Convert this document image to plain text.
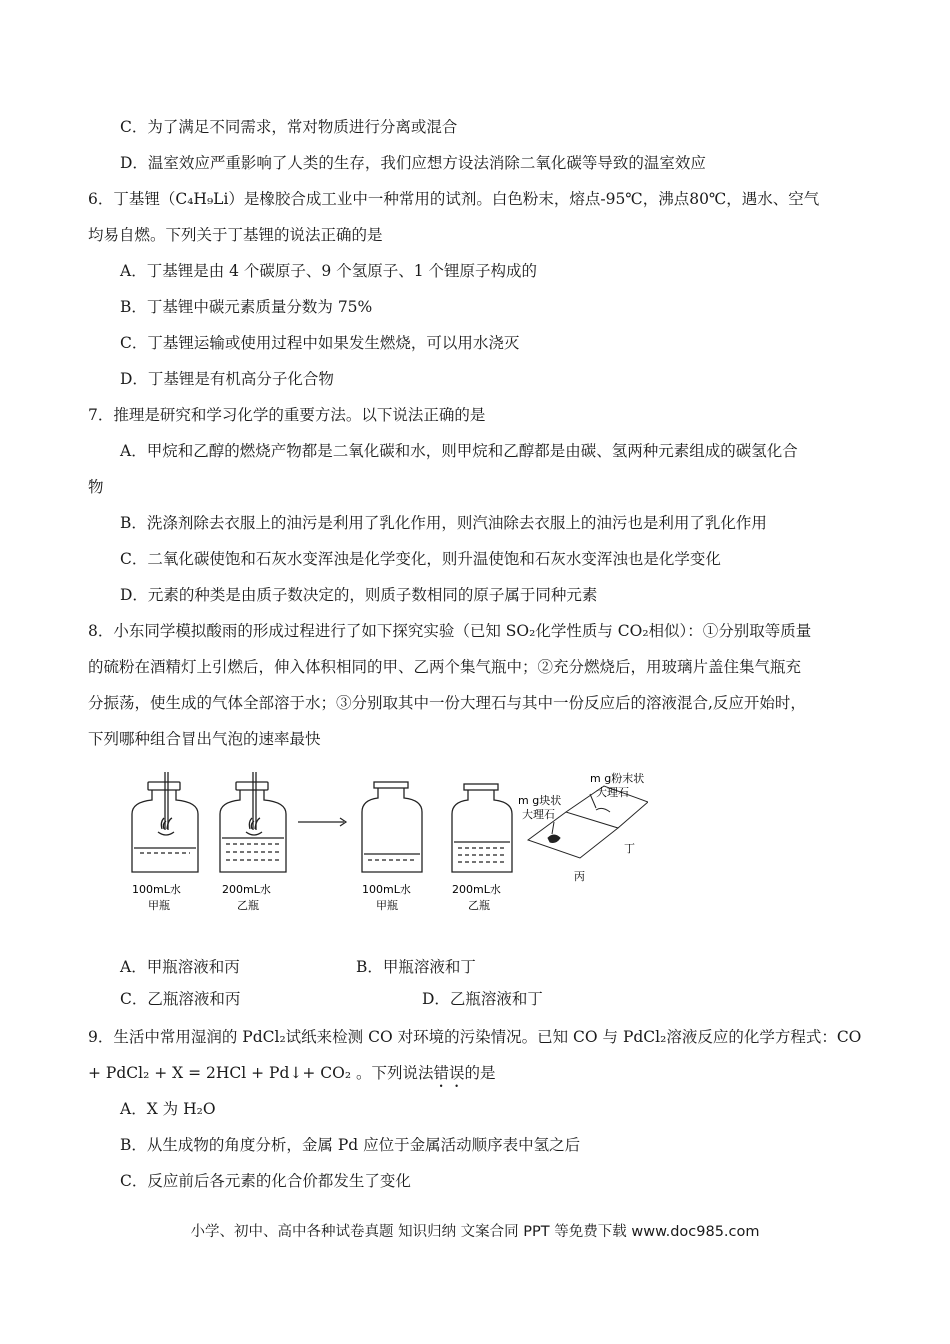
C．为了满足不同需求，常对物质进行分离或混合
D．温室效应严重影响了人类的生存，我们应想方设法消除二氧化碳等导致的温室效应
6．丁基锂（C₄H₉Li）是橡胶合成工业中一种常用的试剂。白色粉末，熔点-95℃，沸点80℃，遇水、空气
均易自燃。下列关于丁基锂的说法正确的是
A．丁基锂是由 4 个碳原子、9 个氢原子、1 个锂原子构成的
B．丁基锂中碳元素质量分数为 75%
C．丁基锂运输或使用过程中如果发生燃烧，可以用水浇灭
D．丁基锂是有机高分子化合物
7．推理是研究和学习化学的重要方法。以下说法正确的是
A．甲烷和乙醇的燃烧产物都是二氧化碳和水，则甲烷和乙醇都是由碳、氢两种元素组成的碳氢化合
物
B．洗涤剂除去衣服上的油污是利用了乳化作用，则汽油除去衣服上的油污也是利用了乳化作用
C．二氧化碳使饱和石灰水变浑浊是化学变化，则升温使饱和石灰水变浑浊也是化学变化
D．元素的种类是由质子数决定的，则质子数相同的原子属于同种元素
8．小东同学模拟酸雨的形成过程进行了如下探究实验（已知 SO₂化学性质与 CO₂相似）：①分别取等质量
的硫粉在酒精灯上引燃后，伸入体积相同的甲、乙两个集气瓶中；②充分燃烧后，用玻璃片盖住集气瓶充
分振荡，使生成的气体全部溶于水；③分别取其中一份大理石与其中一份反应后的溶液混合,反应开始时，
下列哪种组合冒出气泡的速率最快
100mL水
甲瓶
200mL水
乙瓶
100mL水
甲瓶
200mL水
乙瓶
m g粉末状
大理石
m g块状
大理石
丙
丁
A．甲瓶溶液和丙	B．甲瓶溶液和丁
C．乙瓶溶液和丙	D．乙瓶溶液和丁
9．生活中常用湿润的 PdCl₂试纸来检测 CO 对环境的污染情况。已知 CO 与 PdCl₂溶液反应的化学方程式：CO
+ PdCl₂ + X = 2HCl + Pd↓+ CO₂ 。下列说法错误的是
A．X 为 H₂O
B．从生成物的角度分析，金属 Pd 应位于金属活动顺序表中氢之后
C．反应前后各元素的化合价都发生了变化
小学、初中、高中各种试卷真题 知识归纳 文案合同 PPT 等免费下载 www.doc985.com
